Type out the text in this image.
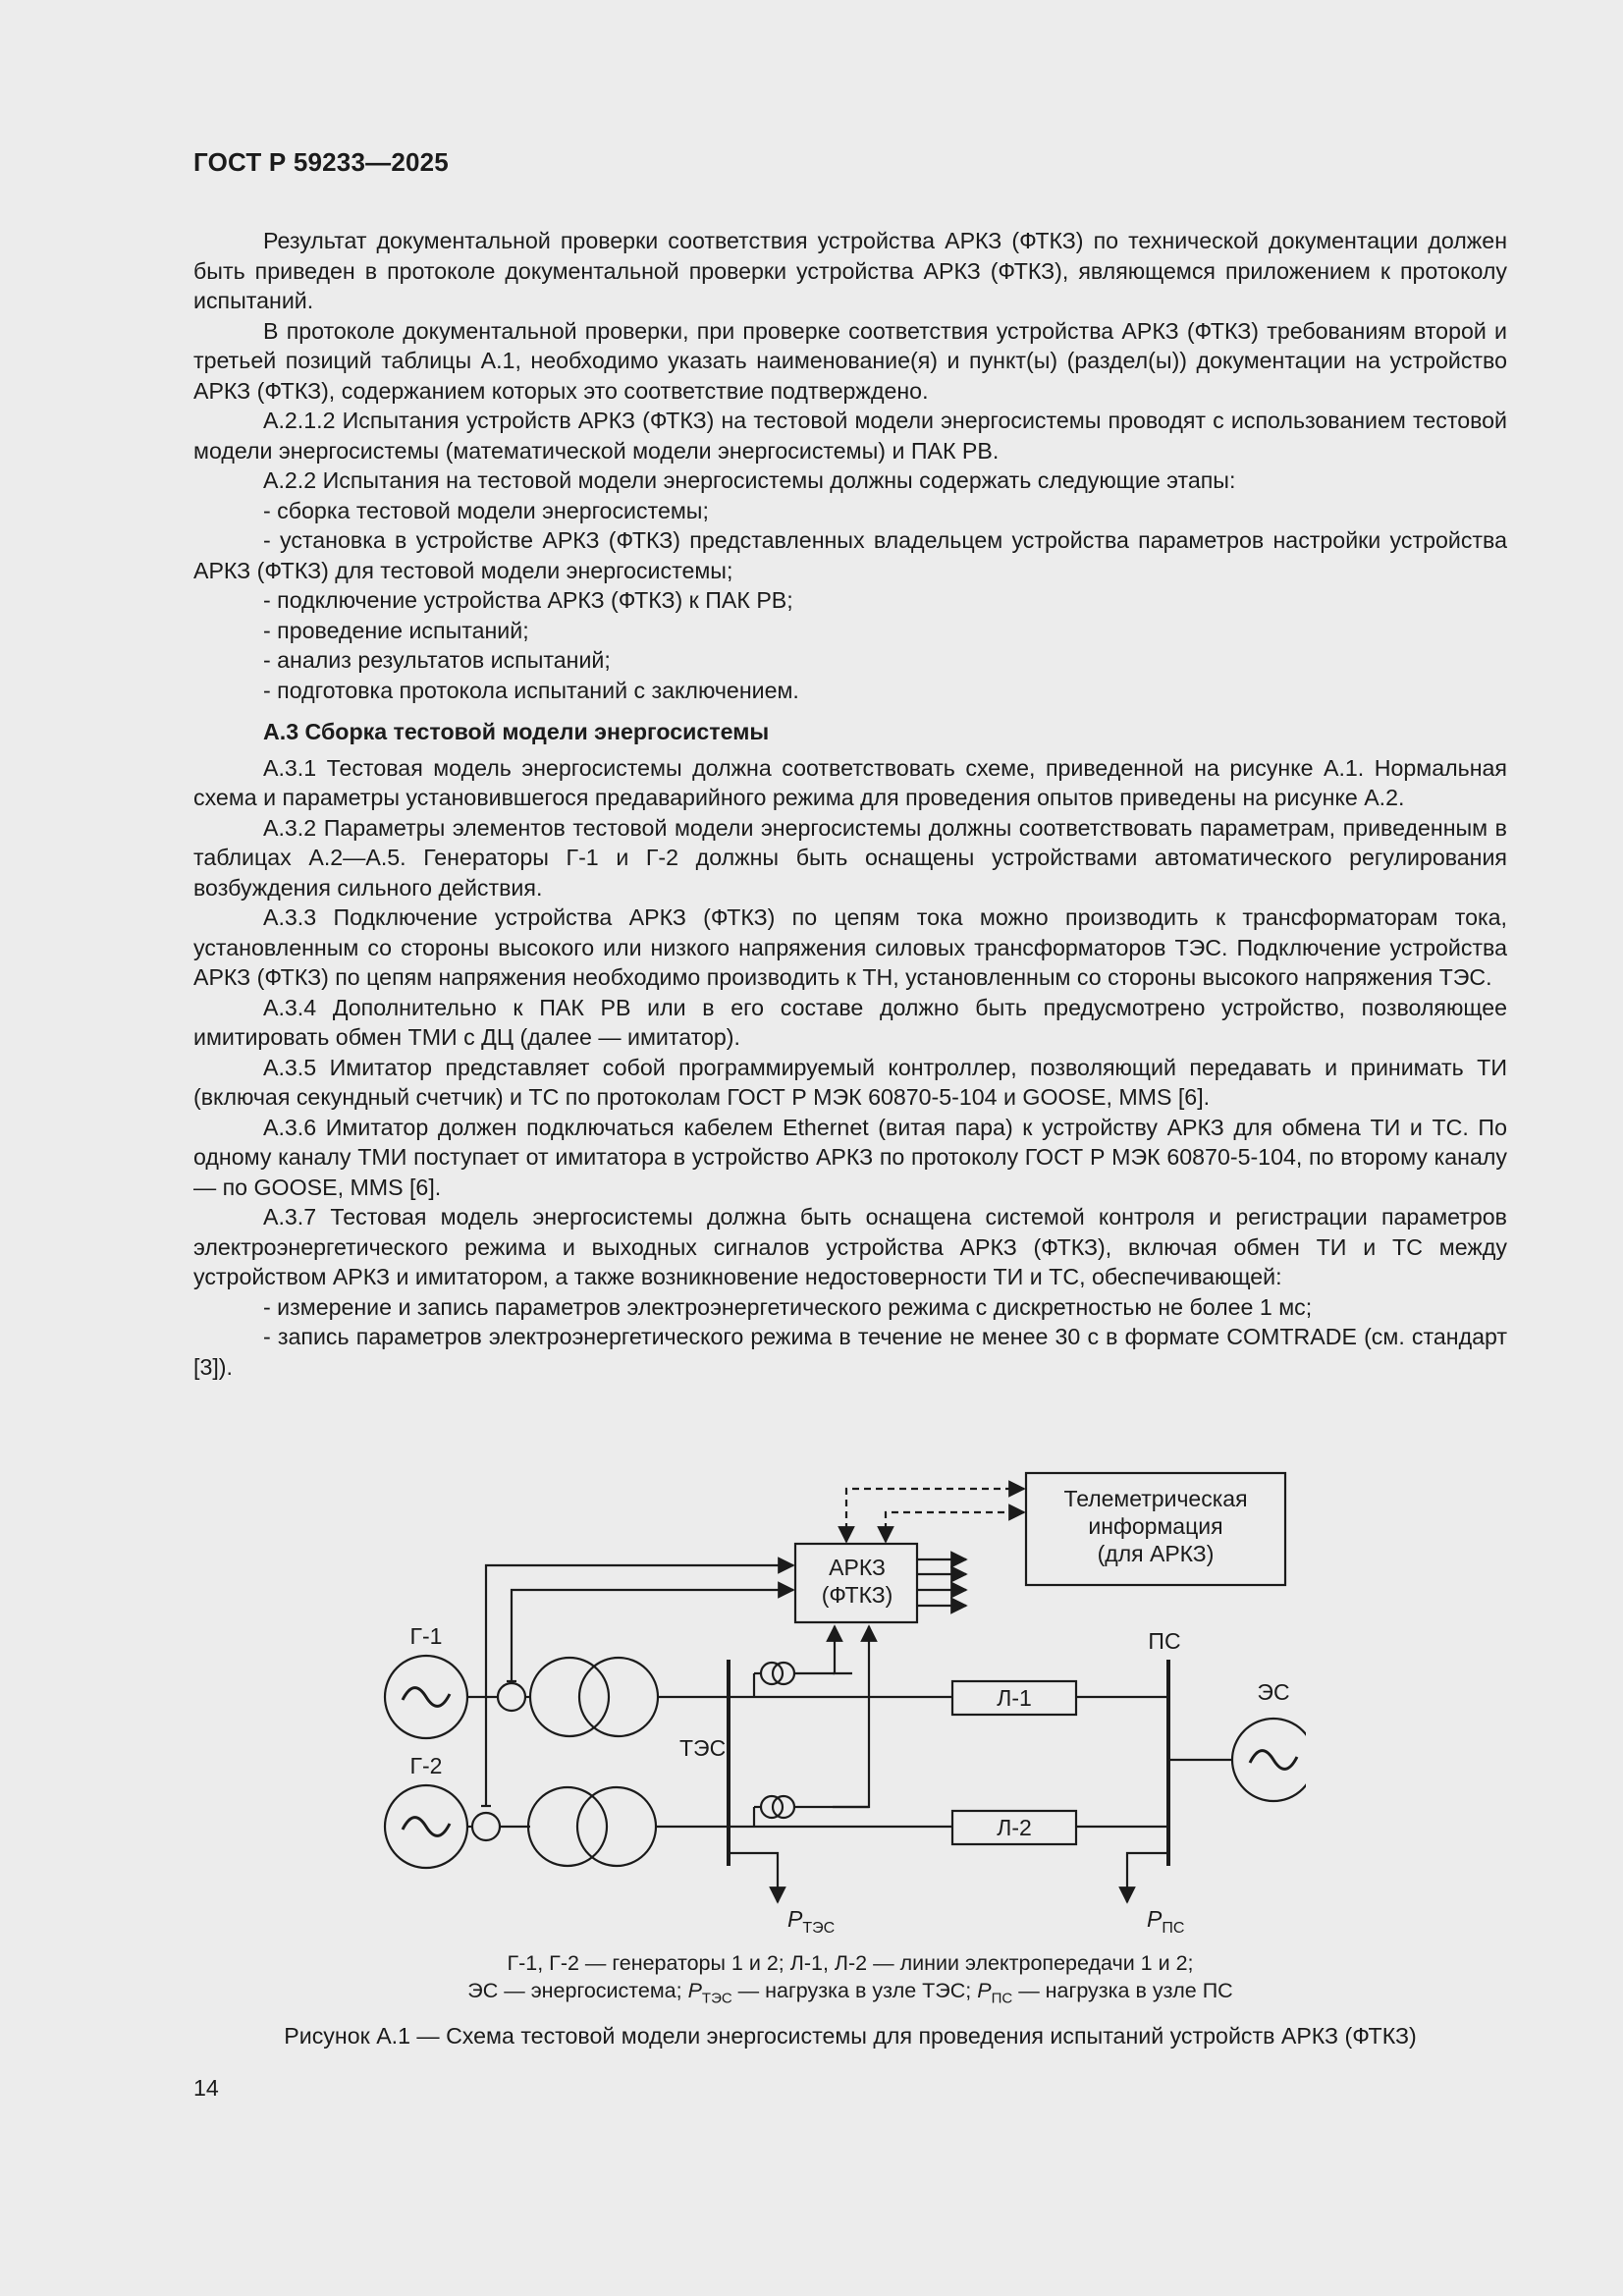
ГОСТ Р 59233—2025

Результат документальной проверки соответствия устройства АРКЗ (ФТКЗ) по технической документации должен быть приведен в протоколе документальной проверки устройства АРКЗ (ФТКЗ), являющемся приложением к протоколу испытаний.

В протоколе документальной проверки, при проверке соответствия устройства АРКЗ (ФТКЗ) требованиям второй и третьей позиций таблицы А.1, необходимо указать наименование(я) и пункт(ы) (раздел(ы)) документации на устройство АРКЗ (ФТКЗ), содержанием которых это соответствие подтверждено.

А.2.1.2 Испытания устройств АРКЗ (ФТКЗ) на тестовой модели энергосистемы проводят с использованием тестовой модели энергосистемы (математической модели энергосистемы) и ПАК РВ.

А.2.2 Испытания на тестовой модели энергосистемы должны содержать следующие этапы:

- сборка тестовой модели энергосистемы;

- установка в устройстве АРКЗ (ФТКЗ) представленных владельцем устройства параметров настройки устройства АРКЗ (ФТКЗ) для тестовой модели энергосистемы;

- подключение устройства АРКЗ (ФТКЗ) к ПАК РВ;

- проведение испытаний;

- анализ результатов испытаний;

- подготовка протокола испытаний с заключением.

А.3 Сборка тестовой модели энергосистемы

А.3.1 Тестовая модель энергосистемы должна соответствовать схеме, приведенной на рисунке А.1. Нормальная схема и параметры установившегося предаварийного режима для проведения опытов приведены на рисунке А.2.

А.3.2 Параметры элементов тестовой модели энергосистемы должны соответствовать параметрам, приведенным в таблицах А.2—А.5. Генераторы Г-1 и Г-2 должны быть оснащены устройствами автоматического регулирования возбуждения сильного действия.

А.3.3 Подключение устройства АРКЗ (ФТКЗ) по цепям тока можно производить к трансформаторам тока, установленным со стороны высокого или низкого напряжения силовых трансформаторов ТЭС. Подключение устройства АРКЗ (ФТКЗ) по цепям напряжения необходимо производить к ТН, установленным со стороны высокого напряжения ТЭС.

А.3.4 Дополнительно к ПАК РВ или в его составе должно быть предусмотрено устройство, позволяющее имитировать обмен ТМИ с ДЦ (далее — имитатор).

А.3.5 Имитатор представляет собой программируемый контроллер, позволяющий передавать и принимать ТИ (включая секундный счетчик) и ТС по протоколам ГОСТ Р МЭК 60870-5-104 и GOOSE, MMS [6].

А.3.6 Имитатор должен подключаться кабелем Ethernet (витая пара) к устройству АРКЗ для обмена ТИ и ТС. По одному каналу ТМИ поступает от имитатора в устройство АРКЗ по протоколу ГОСТ Р МЭК 60870-5-104, по второму каналу — по GOOSE, MMS [6].

А.3.7 Тестовая модель энергосистемы должна быть оснащена системой контроля и регистрации параметров электроэнергетического режима и выходных сигналов устройства АРКЗ (ФТКЗ), включая обмен ТИ и ТС между устройством АРКЗ и имитатором, а также возникновение недостоверности ТИ и ТС, обеспечивающей:

- измерение и запись параметров электроэнергетического режима с дискретностью не более 1 мс;

- запись параметров электроэнергетического режима в течение не менее 30 с в формате COMTRADE (см. стандарт [3]).

Телеметрическая
информация
(для АРКЗ)
АРКЗ
(ФТКЗ)
Г-1
Г-2
ТЭС
ПС
ЭС
Л-1
Л-2
$P_{ТЭС}$	$P_{ПС}$
Г-1, Г-2 — генераторы 1 и 2; Л-1, Л-2 — линии электропередачи 1 и 2;
ЭС — энергосистема; $P_{ТЭС}$ — нагрузка в узле ТЭС; $P_{ПС}$ — нагрузка в узле ПС
Рисунок А.1 — Схема тестовой модели энергосистемы для проведения испытаний устройств АРКЗ (ФТКЗ)
14
